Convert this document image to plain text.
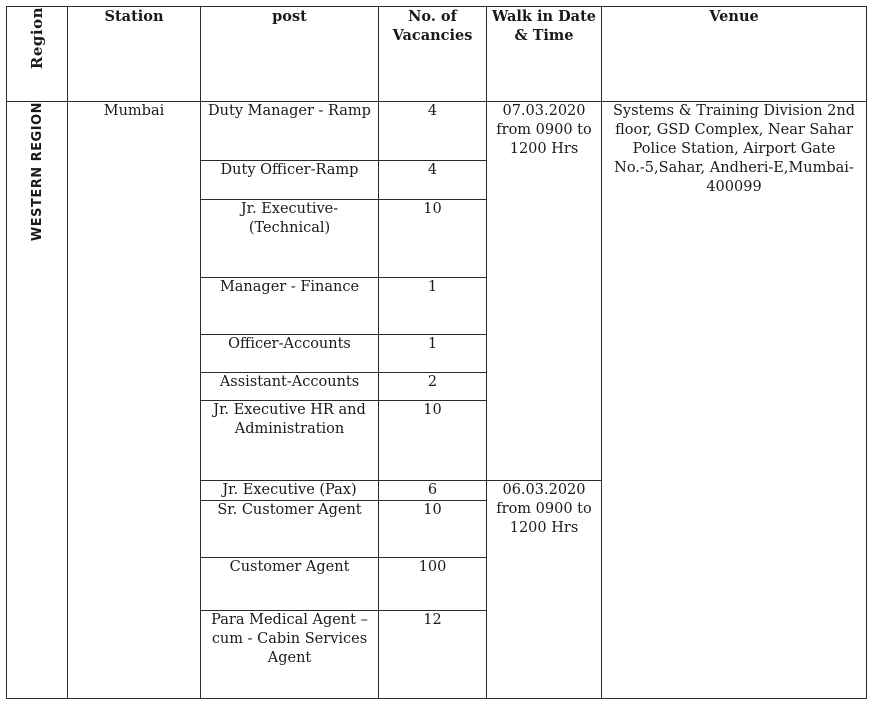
Region	Station	post	No. of Vacancies	Walk in Date & Time	Venue
WESTERN REGION	Mumbai	Duty Manager - Ramp	4	07.03.2020 from 0900 to 1200 Hrs	Systems & Training Division 2nd floor, GSD Complex, Near Sahar Police Station, Airport Gate No.-5,Sahar, Andheri-E,Mumbai-400099
		Duty Officer-Ramp	4		
		Jr. Executive- (Technical)	10		
		Manager - Finance	1		
		Officer-Accounts	1		
		Assistant-Accounts	2		
		Jr. Executive HR and Administration	10		
		Jr. Executive (Pax)	6	06.03.2020 from 0900 to 1200 Hrs	
		Sr. Customer Agent	10		
		Customer Agent	100		
		Para Medical Agent – cum - Cabin Services Agent	12		
